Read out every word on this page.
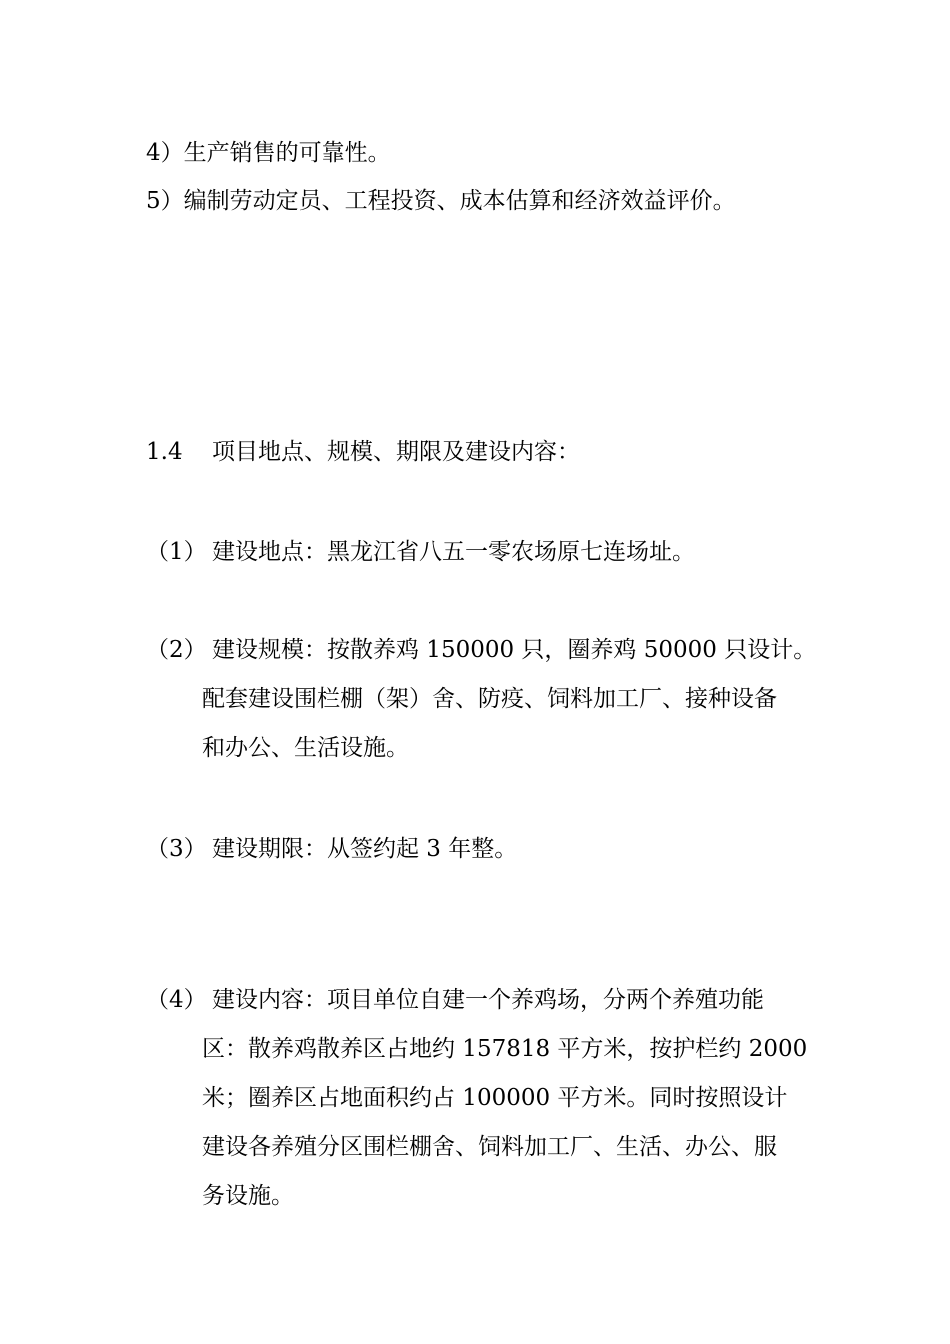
4）生产销售的可靠性。
5）编制劳动定员、工程投资、成本估算和经济效益评价。
1.4 项目地点、规模、期限及建设内容：
（1） 建设地点：黑龙江省八五一零农场原七连场址。
（2） 建设规模：按散养鸡 150000 只，圈养鸡 50000 只设计。
配套建设围栏棚（架）舍、防疫、饲料加工厂、接种设备
和办公、生活设施。
（3） 建设期限：从签约起 3 年整。
（4） 建设内容：项目单位自建一个养鸡场，分两个养殖功能
区：散养鸡散养区占地约 157818 平方米，按护栏约 2000
米；圈养区占地面积约占 100000 平方米。同时按照设计
建设各养殖分区围栏棚舍、饲料加工厂、生活、办公、服
务设施。
